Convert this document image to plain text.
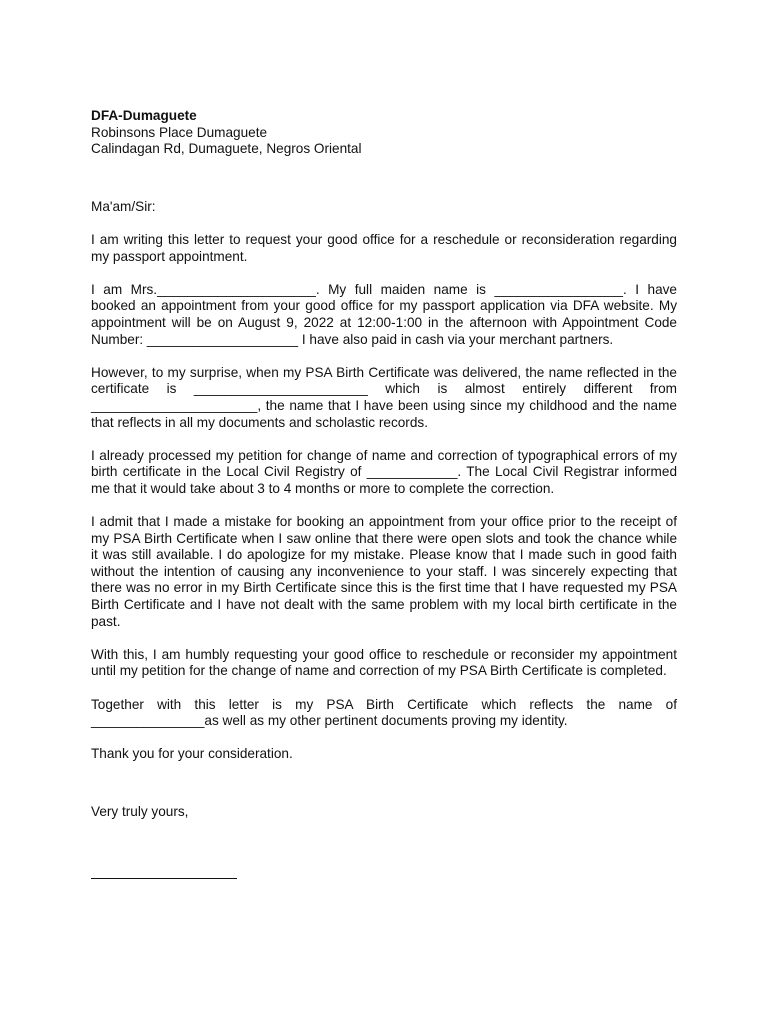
DFA-Dumaguete
Robinsons Place Dumaguete
Calindagan Rd, Dumaguete, Negros Oriental
Ma'am/Sir:

I am writing this letter to request your good office for a reschedule or reconsideration regarding my passport appointment.

I am Mrs._____________________. My full maiden name is _________________. I have booked an appointment from your good office for my passport application via DFA website. My appointment will be on August 9, 2022 at 12:00-1:00 in the afternoon with Appointment Code Number: ____________________ I have also paid in cash via your merchant partners.

However, to my surprise, when my PSA Birth Certificate was delivered, the name reflected in the certificate is _______________________ which is almost entirely different from ______________________, the name that I have been using since my childhood and the name that reflects in all my documents and scholastic records.

I already processed my petition for change of name and correction of typographical errors of my birth certificate in the Local Civil Registry of ____________. The Local Civil Registrar informed me that it would take about 3 to 4 months or more to complete the correction.

I admit that I made a mistake for booking an appointment from your office prior to the receipt of my PSA Birth Certificate when I saw online that there were open slots and took the chance while it was still available. I do apologize for my mistake. Please know that I made such in good faith without the intention of causing any inconvenience to your staff. I was sincerely expecting that there was no error in my Birth Certificate since this is the first time that I have requested my PSA Birth Certificate and I have not dealt with the same problem with my local birth certificate in the past.

With this, I am humbly requesting your good office to reschedule or reconsider my appointment until my petition for the change of name and correction of my PSA Birth Certificate is completed.

Together with this letter is my PSA Birth Certificate which reflects the name of _______________as well as my other pertinent documents proving my identity.

Thank you for your consideration.

Very truly yours,
